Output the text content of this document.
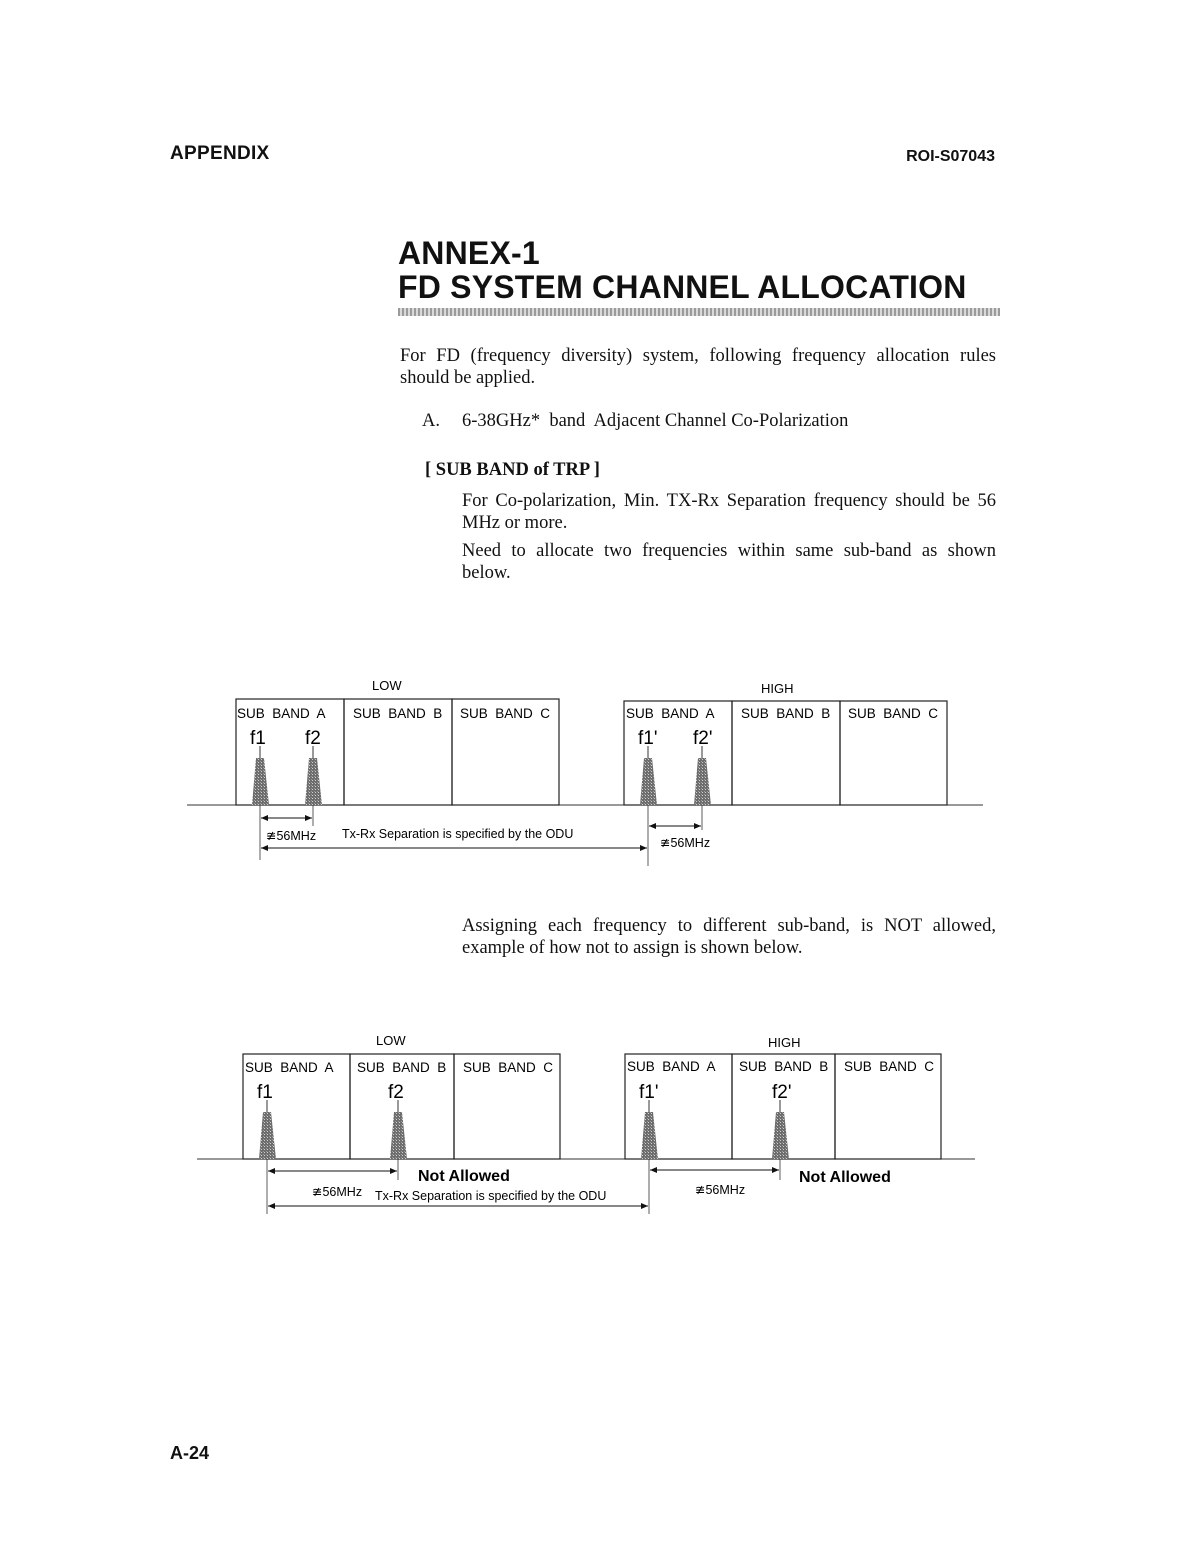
APPENDIX	ROI-S07043
ANNEX-1
FD SYSTEM CHANNEL ALLOCATION
For FD (frequency diversity) system, following frequency allocation rules should be applied.
A. 6-38GHz*  band  Adjacent Channel Co-Polarization
[ SUB BAND of TRP ]
For Co-polarization, Min. TX-Rx Separation frequency should be 56 MHz or more.
Need to allocate two frequencies within same sub-band as shown below.
LOW	HIGH
SUB  BAND  A SUB  BAND  B SUB  BAND  C	SUB  BAND  A SUB  BAND  B SUB  BAND  C
f1 f2	f1' f2'
≇56MHz Tx-Rx Separation is specified by the ODU
≇56MHz
LOW	HIGH
SUB  BAND  A SUB  BAND  B SUB  BAND  C	SUB  BAND  A SUB  BAND  B SUB  BAND  C
f1	f2	f1'	f2'
Not Allowed	Not Allowed
≇56MHz Tx-Rx Separation is specified by the ODU	≇56MHz
Assigning each frequency to different sub-band, is NOT allowed, example of how not to assign is shown below.
A-24
